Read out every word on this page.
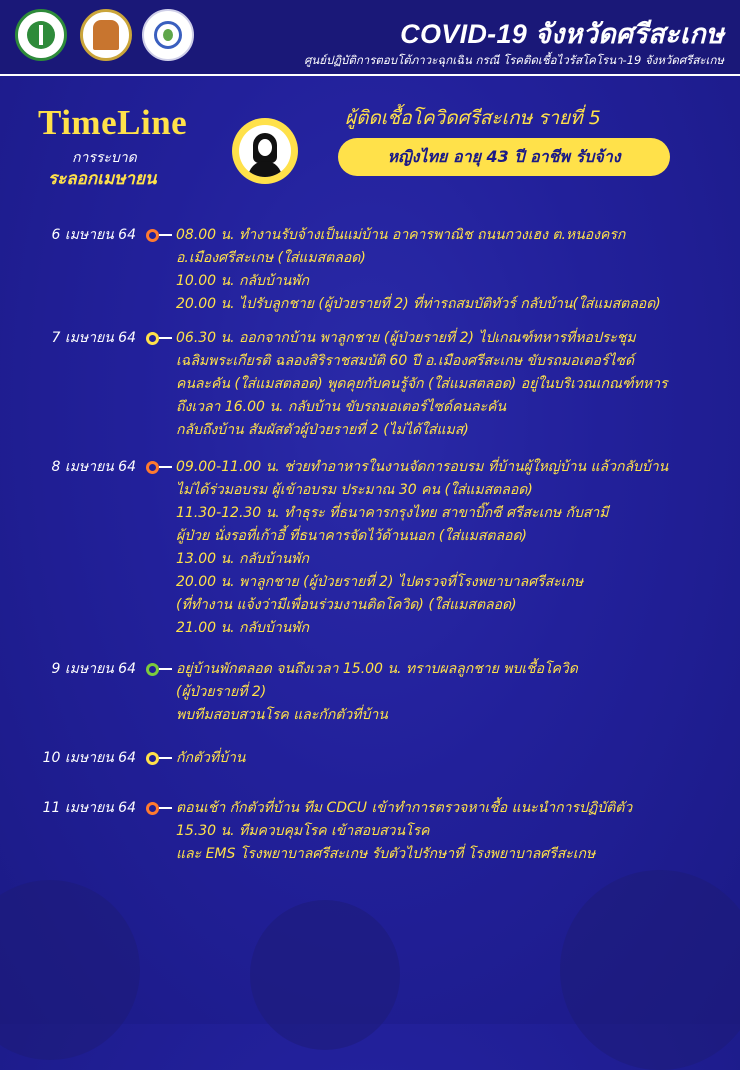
COVID-19 จังหวัดศรีสะเกษ
ศูนย์ปฏิบัติการตอบโต้ภาวะฉุกเฉิน กรณี โรคติดเชื้อไวรัสโคโรนา-19 จังหวัดศรีสะเกษ
TimeLine
การระบาด
ระลอกเมษายน
ผู้ติดเชื้อโควิดศรีสะเกษ รายที่ 5
หญิงไทย อายุ 43 ปี อาชีพ รับจ้าง
6 เมษายน 64	08.00 น. ทำงานรับจ้างเป็นแม่บ้าน อาคารพาณิช ถนนกวงเฮง ต.หนองครก
อ.เมืองศรีสะเกษ (ใส่แมสตลอด)
10.00 น. กลับบ้านพัก
20.00 น. ไปรับลูกชาย (ผู้ป่วยรายที่ 2) ที่ท่ารถสมบัติทัวร์ กลับบ้าน(ใส่แมสตลอด)
7 เมษายน 64	06.30 น. ออกจากบ้าน พาลูกชาย (ผู้ป่วยรายที่ 2) ไปเกณฑ์ทหารที่หอประชุม
เฉลิมพระเกียรติ ฉลองสิริราชสมบัติ 60 ปี อ.เมืองศรีสะเกษ ขับรถมอเตอร์ไซด์
คนละคัน (ใส่แมสตลอด) พูดคุยกับคนรู้จัก (ใส่แมสตลอด) อยู่ในบริเวณเกณฑ์ทหาร
ถึงเวลา 16.00 น. กลับบ้าน ขับรถมอเตอร์ไซด์คนละคัน
กลับถึงบ้าน สัมผัสตัวผู้ป่วยรายที่ 2 (ไม่ได้ใส่แมส)
8 เมษายน 64	09.00-11.00 น. ช่วยทำอาหารในงานจัดการอบรม ที่บ้านผู้ใหญ่บ้าน แล้วกลับบ้าน
ไม่ได้ร่วมอบรม ผู้เข้าอบรม ประมาณ 30 คน (ใส่แมสตลอด)
11.30-12.30 น. ทำธุระ ที่ธนาคารกรุงไทย สาขาบิ๊กซี ศรีสะเกษ กับสามี
ผู้ป่วย นั่งรอที่เก้าอี้ ที่ธนาคารจัดไว้ด้านนอก (ใส่แมสตลอด)
13.00 น. กลับบ้านพัก
20.00 น. พาลูกชาย (ผู้ป่วยรายที่ 2) ไปตรวจที่โรงพยาบาลศรีสะเกษ
(ที่ทำงาน แจ้งว่ามีเพื่อนร่วมงานติดโควิด) (ใส่แมสตลอด)
21.00 น. กลับบ้านพัก
9 เมษายน 64	อยู่บ้านพักตลอด จนถึงเวลา 15.00 น. ทราบผลลูกชาย พบเชื้อโควิด
(ผู้ป่วยรายที่ 2)
พบทีมสอบสวนโรค และกักตัวที่บ้าน
10 เมษายน 64	กักตัวที่บ้าน
11 เมษายน 64	ตอนเช้า กักตัวที่บ้าน ทีม CDCU เข้าทำการตรวจหาเชื้อ แนะนำการปฏิบัติตัว
15.30 น. ทีมควบคุมโรค เข้าสอบสวนโรค
และ EMS โรงพยาบาลศรีสะเกษ รับตัวไปรักษาที่ โรงพยาบาลศรีสะเกษ
